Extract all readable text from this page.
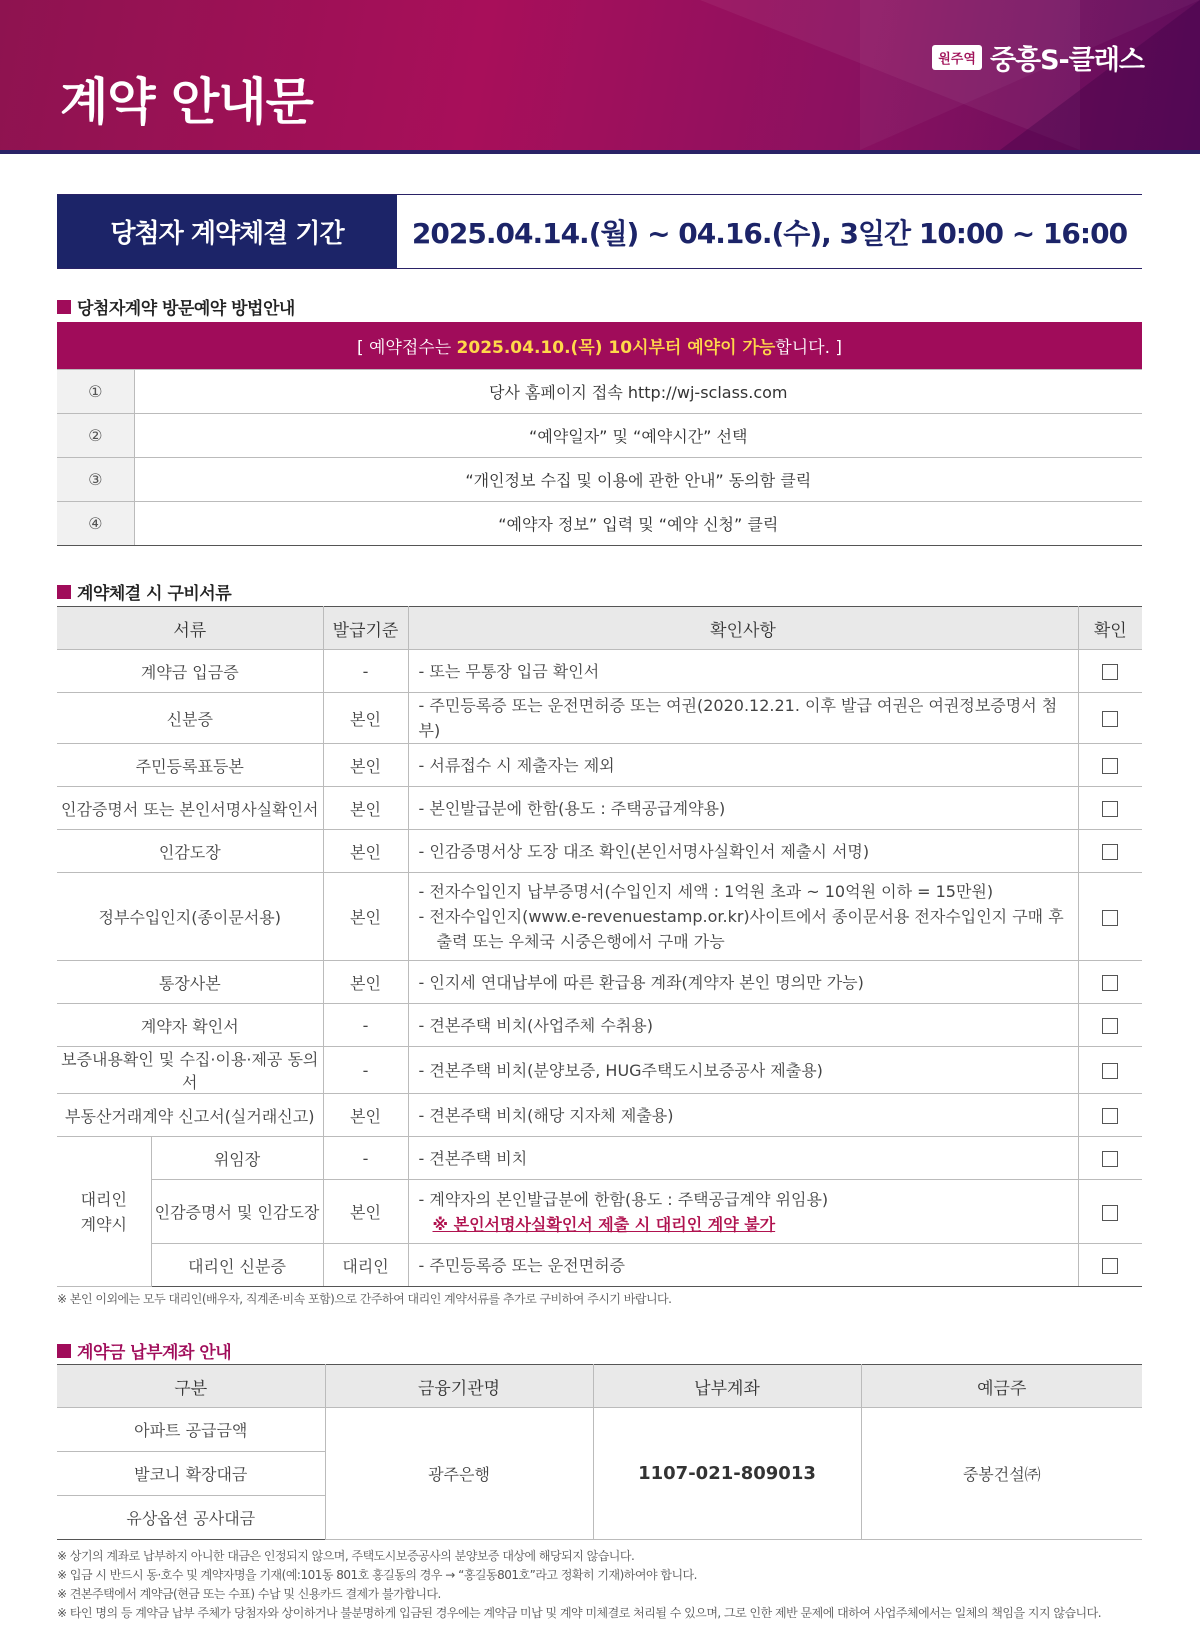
계약 안내문
원주역 중흥S-클래스
당첨자 계약체결 기간	2025.04.14.(월) ~ 04.16.(수), 3일간 10:00 ~ 16:00
당첨자계약 방문예약 방법안내
[ 예약접수는 2025.04.10.(목) 10시부터 예약이 가능합니다. ]	
①	당사 홈페이지 접속 http://wj-sclass.com
②	“예약일자” 및 “예약시간” 선택
③	“개인정보 수집 및 이용에 관한 안내” 동의함 클릭
④	“예약자 정보” 입력 및 “예약 신청” 클릭
계약체결 시 구비서류
서류		발급기준	확인사항	확인
계약금 입금증		-	- 또는 무통장 입금 확인서	

신분증		본인	- 주민등록증 또는 운전면허증 또는 여권(2020.12.21. 이후 발급 여권은 여권정보증명서 첨부)	

주민등록표등본		본인	- 서류접수 시 제출자는 제외	

인감증명서 또는 본인서명사실확인서		본인	- 본인발급분에 한함(용도 : 주택공급계약용)	

인감도장		본인	- 인감증명서상 도장 대조 확인(본인서명사실확인서 제출시 서명)	

정부수입인지(종이문서용)		본인	- 전자수입인지 납부증명서(수입인지 세액 : 1억원 초과 ~ 10억원 이하 = 15만원)
- 전자수입인지(www.e-revenuestamp.or.kr)사이트에서 종이문서용 전자수입인지 구매 후
출력 또는 우체국 시중은행에서 구매 가능	

통장사본		본인	- 인지세 연대납부에 따른 환급용 계좌(계약자 본인 명의만 가능)	

계약자 확인서		-	- 견본주택 비치(사업주체 수취용)	

보증내용확인 및 수집·이용·제공 동의서		-	- 견본주택 비치(분양보증, HUG주택도시보증공사 제출용)	

부동산거래계약 신고서(실거래신고)		본인	- 견본주택 비치(해당 지자체 제출용)	

대리인
계약시	위임장	-	- 견본주택 비치	

	인감증명서 및 인감도장	본인	- 계약자의 본인발급분에 한함(용도 : 주택공급계약 위임용)
※ 본인서명사실확인서 제출 시 대리인 계약 불가	

	대리인 신분증	대리인	- 주민등록증 또는 운전면허증	

※ 본인 이외에는 모두 대리인(배우자, 직계존·비속 포함)으로 간주하여 대리인 계약서류를 추가로 구비하여 주시기 바랍니다.
계약금 납부계좌 안내
구분	금융기관명	납부계좌	예금주
아파트 공급금액	광주은행	1107-021-809013	중봉건설㈜
발코니 확장대금			
유상옵션 공사대금			
※ 상기의 계좌로 납부하지 아니한 대금은 인정되지 않으며, 주택도시보증공사의 분양보증 대상에 해당되지 않습니다.
※ 입금 시 반드시 동·호수 및 계약자명을 기재(예:101동 801호 홍길동의 경우 → “홍길동801호”라고 정확히 기재)하여야 합니다.
※ 견본주택에서 계약금(현금 또는 수표) 수납 및 신용카드 결제가 불가합니다.
※ 타인 명의 등 계약금 납부 주체가 당첨자와 상이하거나 불분명하게 입금된 경우에는 계약금 미납 및 계약 미체결로 처리될 수 있으며, 그로 인한 제반 문제에 대하여 사업주체에서는 일체의 책임을 지지 않습니다.
